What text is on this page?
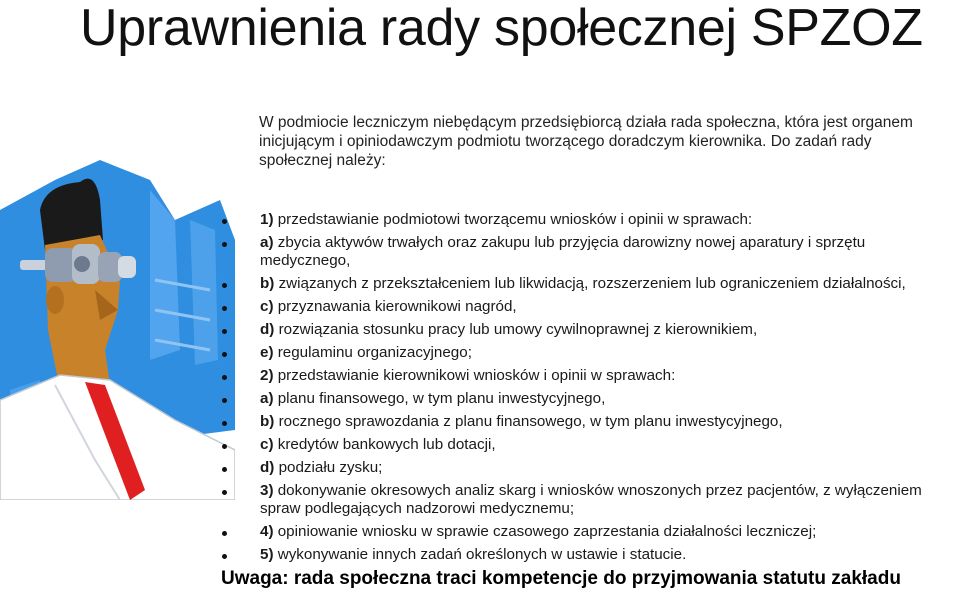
Uprawnienia rady społecznej SPZOZ
W podmiocie leczniczym niebędącym przedsiębiorcą działa rada społeczna, która jest organem inicjującym i opiniodawczym podmiotu tworzącego doradczym kierownika. Do zadań rady społecznej należy:
1) przedstawianie podmiotowi tworzącemu wniosków i opinii w sprawach:
a) zbycia aktywów trwałych oraz zakupu lub przyjęcia darowizny nowej aparatury i sprzętu medycznego,
b) związanych z przekształceniem lub likwidacją, rozszerzeniem lub ograniczeniem działalności,
c) przyznawania kierownikowi nagród,
d) rozwiązania stosunku pracy lub umowy cywilnoprawnej z kierownikiem,
e) regulaminu organizacyjnego;
2) przedstawianie kierownikowi wniosków i opinii w sprawach:
a) planu finansowego, w tym planu inwestycyjnego,
b) rocznego sprawozdania z planu finansowego, w tym planu inwestycyjnego,
c) kredytów bankowych lub dotacji,
d) podziału zysku;
3) dokonywanie okresowych analiz skarg i wniosków wnoszonych przez pacjentów, z wyłączeniem spraw podlegających nadzorowi medycznemu;
4) opiniowanie wniosku w sprawie czasowego zaprzestania działalności leczniczej;
5) wykonywanie innych zadań określonych w ustawie i statucie.
Uwaga: rada społeczna traci kompetencje do przyjmowania statutu zakładu
